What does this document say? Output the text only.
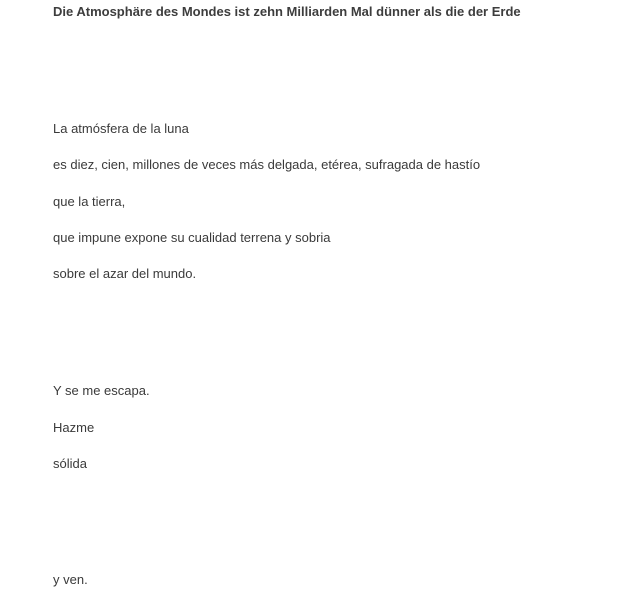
Die Atmosphäre des Mondes ist zehn Milliarden Mal dünner als die der Erde

La atmósfera de la luna

es diez, cien, millones de veces más delgada, etérea, sufragada de hastío

que la tierra,

que impune expone su cualidad terrena y sobria

sobre el azar del mundo.

Y se me escapa.

Hazme

sólida

y ven.
